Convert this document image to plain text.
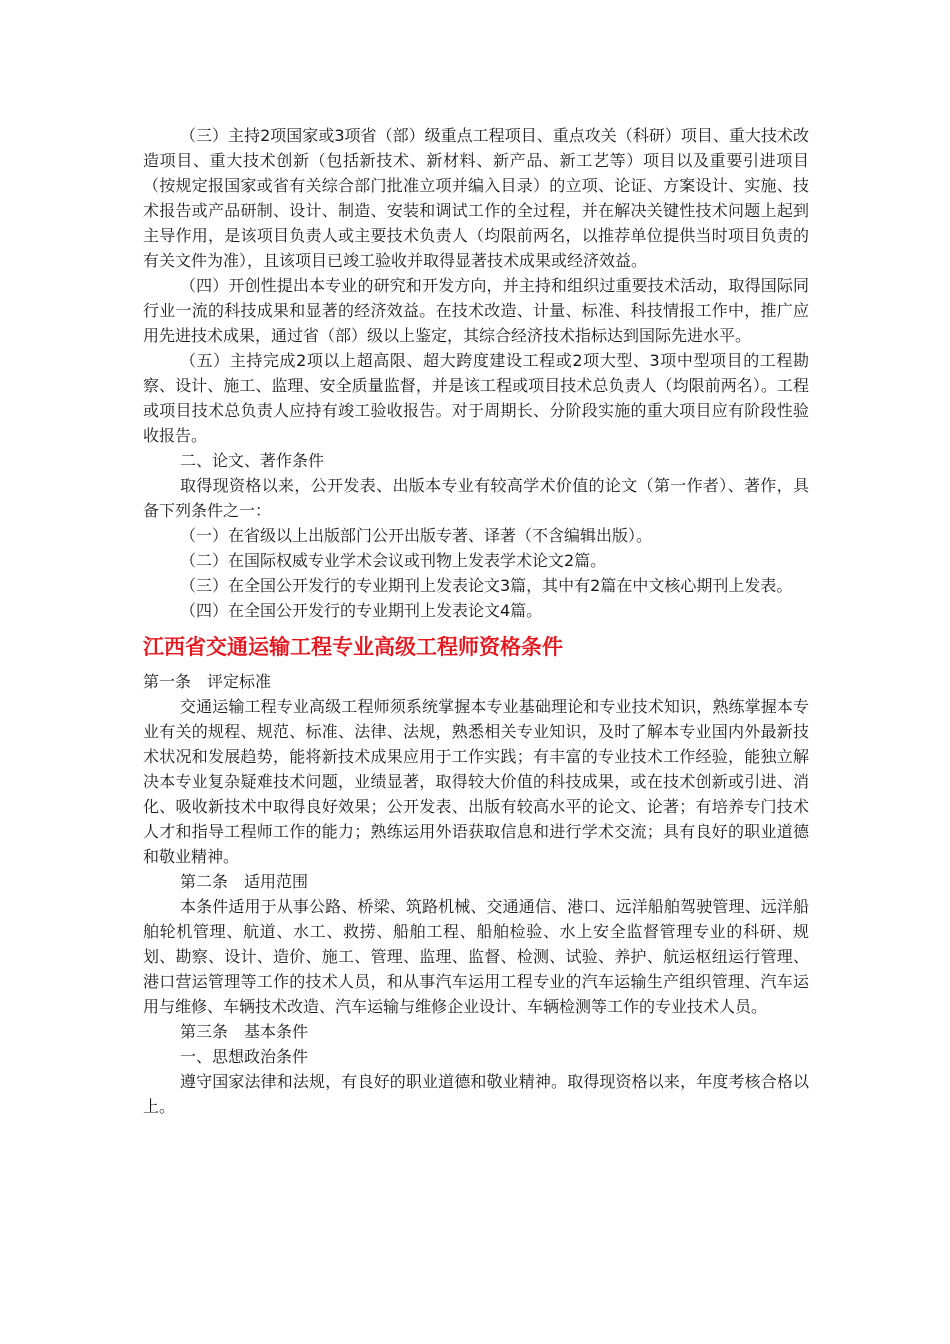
（三）主持2项国家或3项省（部）级重点工程项目、重点攻关（科研）项目、重大技术改造项目、重大技术创新（包括新技术、新材料、新产品、新工艺等）项目以及重要引进项目（按规定报国家或省有关综合部门批准立项并编入目录）的立项、论证、方案设计、实施、技术报告或产品研制、设计、制造、安装和调试工作的全过程，并在解决关键性技术问题上起到主导作用，是该项目负责人或主要技术负责人（均限前两名，以推荐单位提供当时项目负责的有关文件为准），且该项目已竣工验收并取得显著技术成果或经济效益。

（四）开创性提出本专业的研究和开发方向，并主持和组织过重要技术活动，取得国际同行业一流的科技成果和显著的经济效益。在技术改造、计量、标准、科技情报工作中，推广应用先进技术成果，通过省（部）级以上鉴定，其综合经济技术指标达到国际先进水平。

（五）主持完成2项以上超高限、超大跨度建设工程或2项大型、3项中型项目的工程勘察、设计、施工、监理、安全质量监督，并是该工程或项目技术总负责人（均限前两名）。工程或项目技术总负责人应持有竣工验收报告。对于周期长、分阶段实施的重大项目应有阶段性验收报告。

二、论文、著作条件

取得现资格以来，公开发表、出版本专业有较高学术价值的论文（第一作者）、著作，具备下列条件之一：

（一）在省级以上出版部门公开出版专著、译著（不含编辑出版）。

（二）在国际权威专业学术会议或刊物上发表学术论文2篇。

（三）在全国公开发行的专业期刊上发表论文3篇，其中有2篇在中文核心期刊上发表。

（四）在全国公开发行的专业期刊上发表论文4篇。

江西省交通运输工程专业高级工程师资格条件

第一条　评定标准

交通运输工程专业高级工程师须系统掌握本专业基础理论和专业技术知识，熟练掌握本专业有关的规程、规范、标准、法律、法规，熟悉相关专业知识，及时了解本专业国内外最新技术状况和发展趋势，能将新技术成果应用于工作实践；有丰富的专业技术工作经验，能独立解决本专业复杂疑难技术问题，业绩显著，取得较大价值的科技成果，或在技术创新或引进、消化、吸收新技术中取得良好效果；公开发表、出版有较高水平的论文、论著；有培养专门技术人才和指导工程师工作的能力；熟练运用外语获取信息和进行学术交流；具有良好的职业道德和敬业精神。

第二条　适用范围

本条件适用于从事公路、桥梁、筑路机械、交通通信、港口、远洋船舶驾驶管理、远洋船舶轮机管理、航道、水工、救捞、船舶工程、船舶检验、水上安全监督管理专业的科研、规划、勘察、设计、造价、施工、管理、监理、监督、检测、试验、养护、航运枢纽运行管理、港口营运管理等工作的技术人员，和从事汽车运用工程专业的汽车运输生产组织管理、汽车运用与维修、车辆技术改造、汽车运输与维修企业设计、车辆检测等工作的专业技术人员。

第三条　基本条件

一、思想政治条件

遵守国家法律和法规，有良好的职业道德和敬业精神。取得现资格以来，年度考核合格以上。
